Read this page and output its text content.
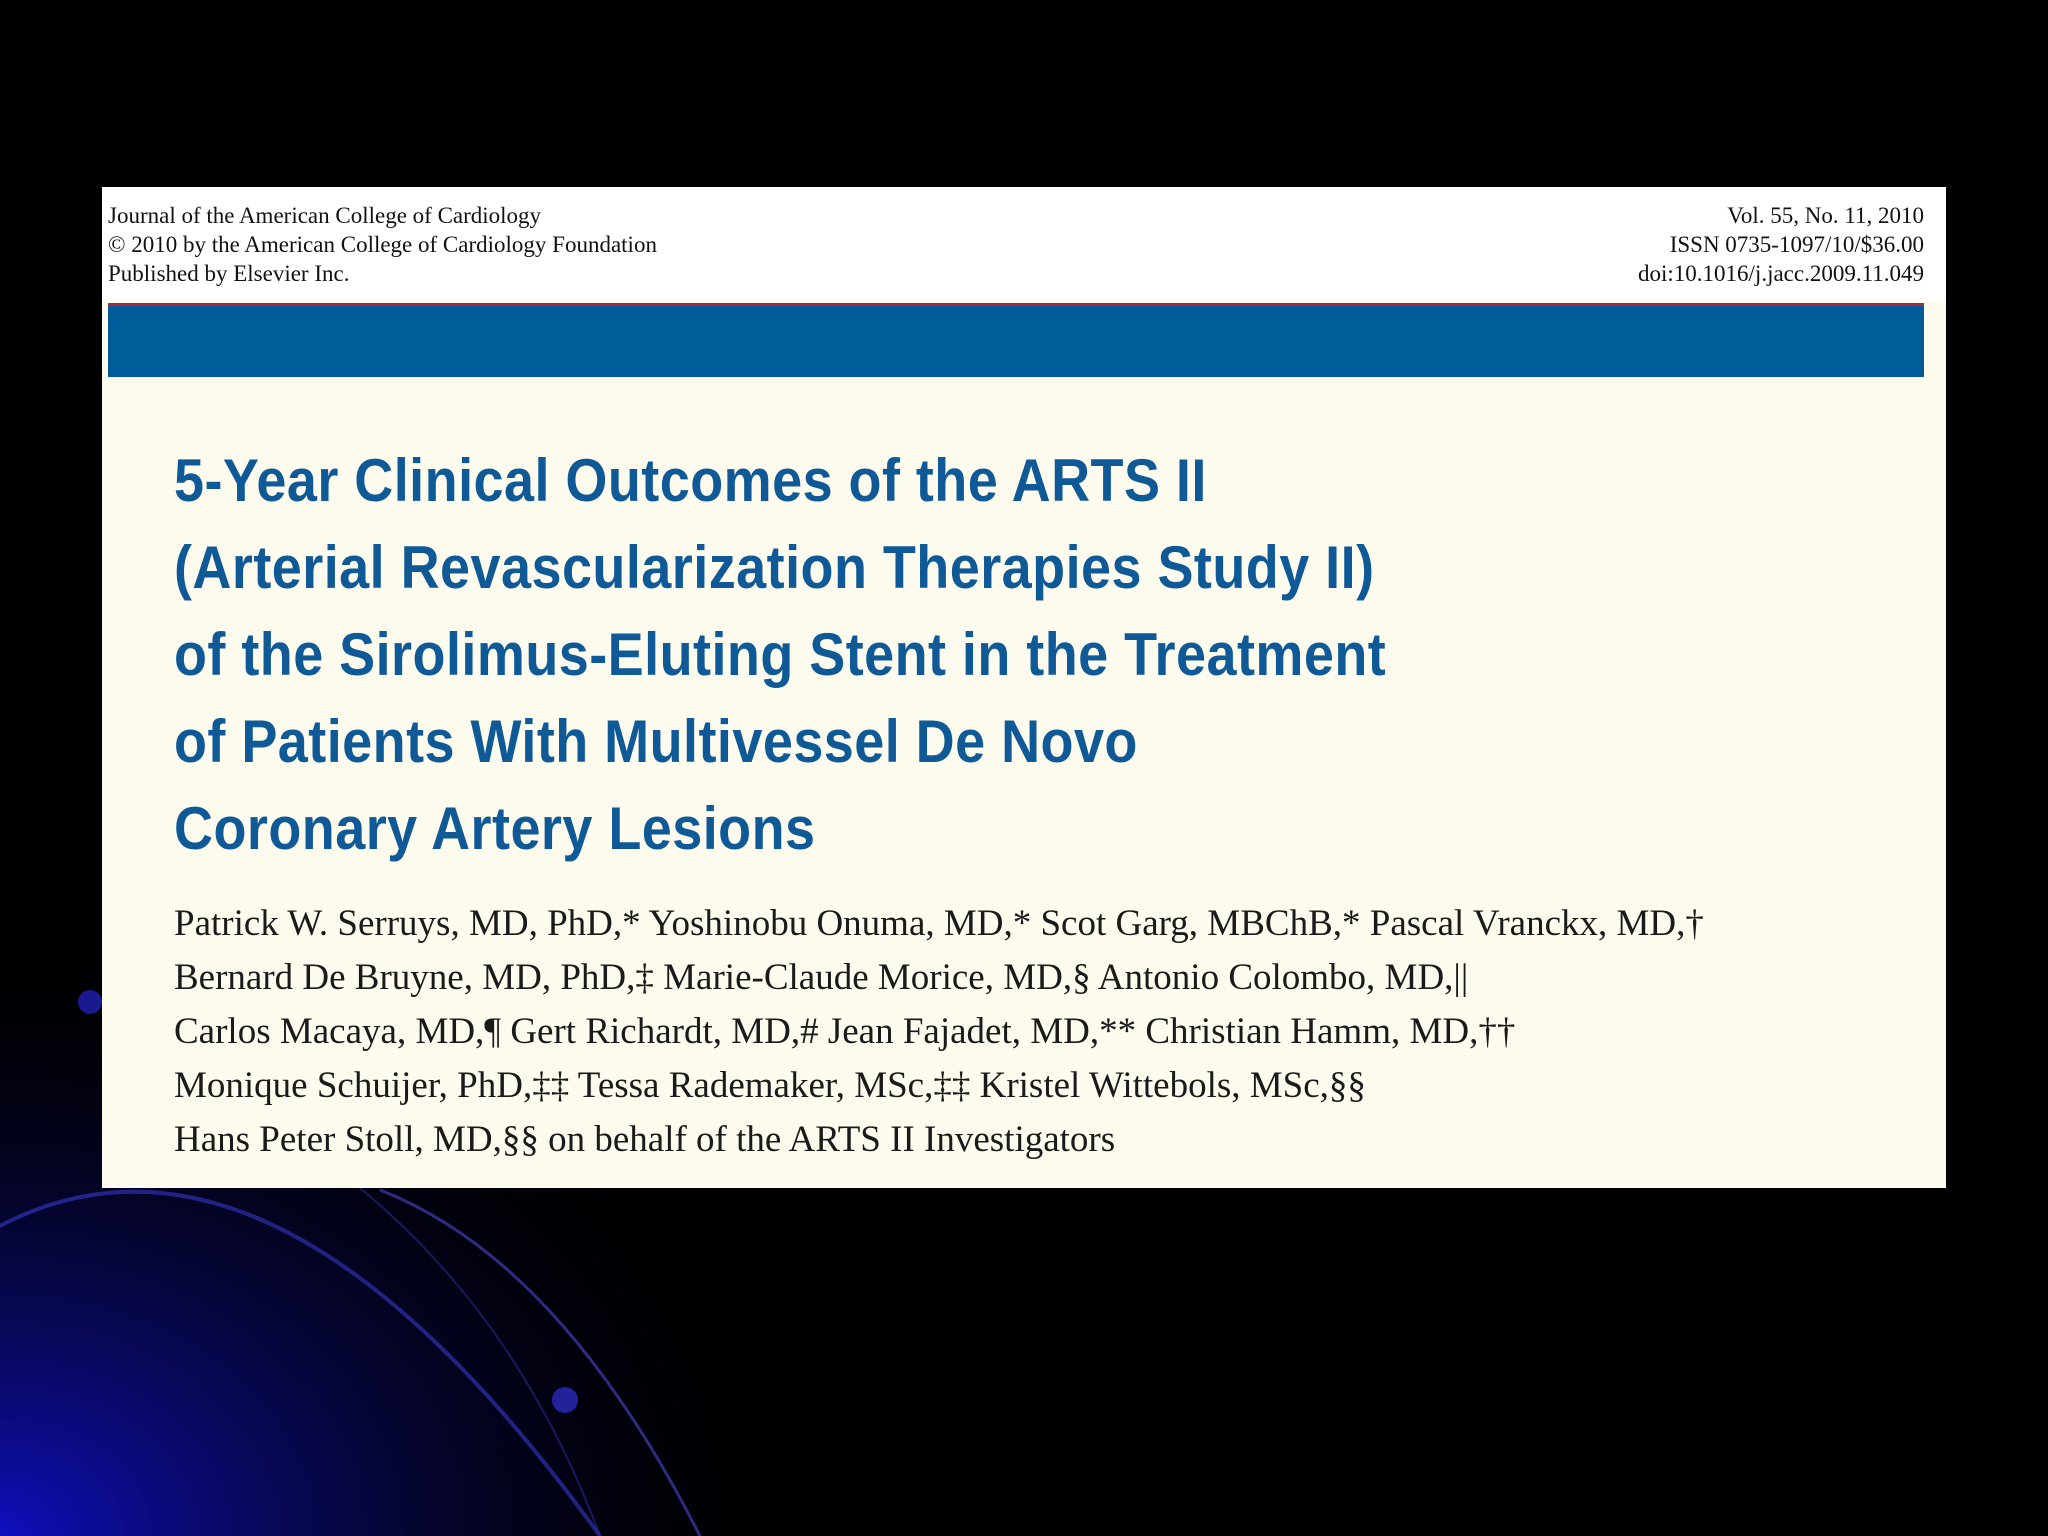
Journal of the American College of Cardiology
© 2010 by the American College of Cardiology Foundation
Published by Elsevier Inc.
Vol. 55, No. 11, 2010
ISSN 0735-1097/10/$36.00
doi:10.1016/j.jacc.2009.11.049
5-Year Clinical Outcomes of the ARTS II
(Arterial Revascularization Therapies Study II)
of the Sirolimus-Eluting Stent in the Treatment
of Patients With Multivessel De Novo
Coronary Artery Lesions
Patrick W. Serruys, MD, PhD,* Yoshinobu Onuma, MD,* Scot Garg, MBChB,* Pascal Vranckx, MD,†
Bernard De Bruyne, MD, PhD,‡ Marie-Claude Morice, MD,§ Antonio Colombo, MD,||
Carlos Macaya, MD,¶ Gert Richardt, MD,# Jean Fajadet, MD,** Christian Hamm, MD,††
Monique Schuijer, PhD,‡‡ Tessa Rademaker, MSc,‡‡ Kristel Wittebols, MSc,§§
Hans Peter Stoll, MD,§§ on behalf of the ARTS II Investigators
